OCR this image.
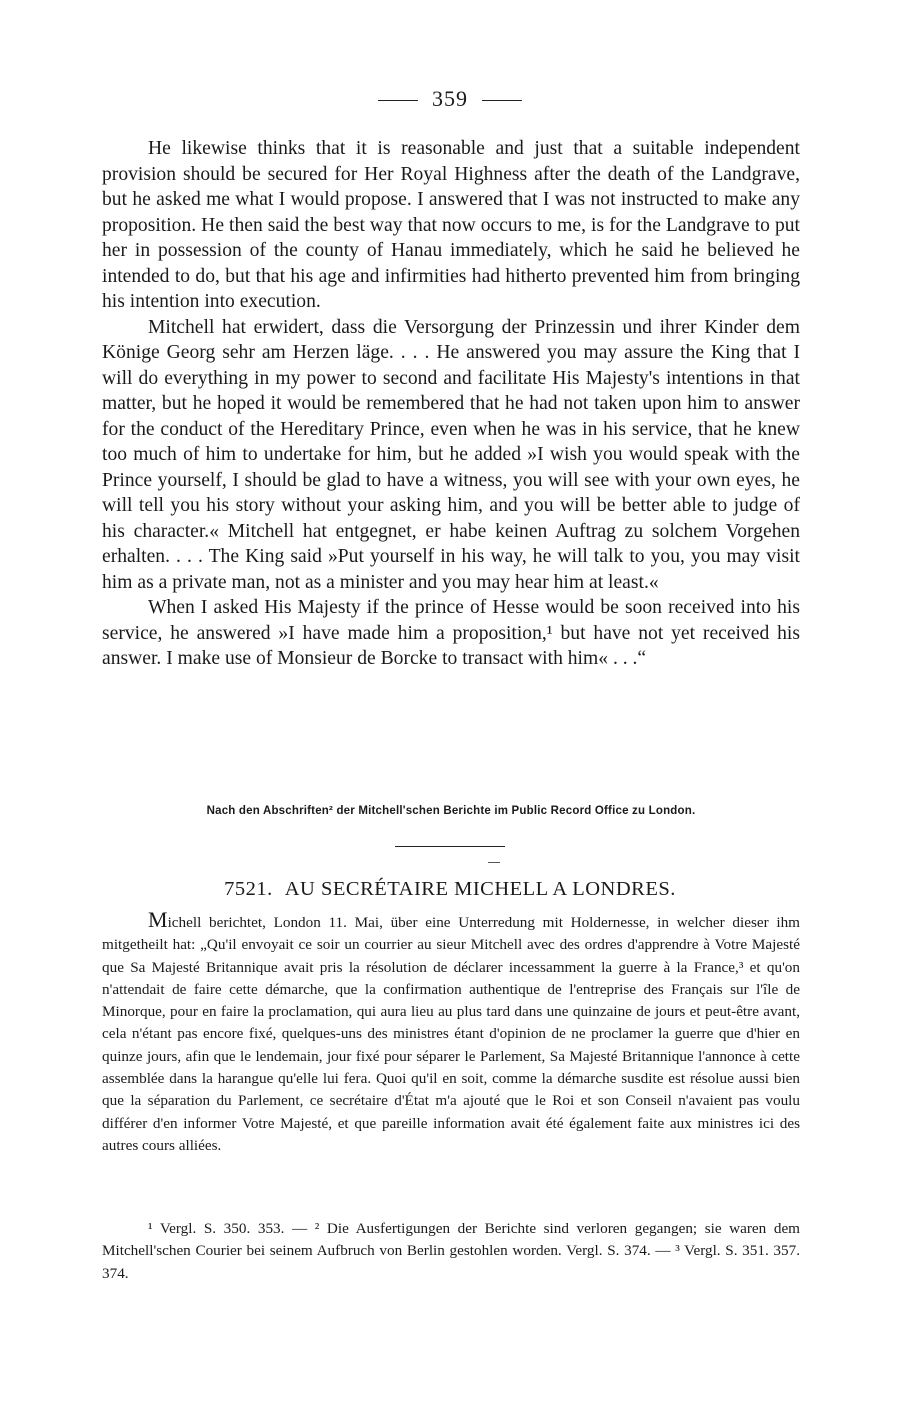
359

He likewise thinks that it is reasonable and just that a suitable independent provision should be secured for Her Royal Highness after the death of the Landgrave, but he asked me what I would propose. I answered that I was not instructed to make any proposition. He then said the best way that now occurs to me, is for the Landgrave to put her in possession of the county of Hanau immediately, which he said he believed he intended to do, but that his age and infirmities had hitherto prevented him from bringing his intention into execution.

Mitchell hat erwidert, dass die Versorgung der Prinzessin und ihrer Kinder dem Könige Georg sehr am Herzen läge. . . . He answered you may assure the King that I will do everything in my power to second and facilitate His Majesty's intentions in that matter, but he hoped it would be remembered that he had not taken upon him to answer for the conduct of the Hereditary Prince, even when he was in his service, that he knew too much of him to undertake for him, but he added »I wish you would speak with the Prince yourself, I should be glad to have a witness, you will see with your own eyes, he will tell you his story without your asking him, and you will be better able to judge of his character.« Mitchell hat entgegnet, er habe keinen Auftrag zu solchem Vorgehen erhalten. . . . The King said »Put yourself in his way, he will talk to you, you may visit him as a private man, not as a minister and you may hear him at least.«

When I asked His Majesty if the prince of Hesse would be soon received into his service, he answered »I have made him a proposition,¹ but have not yet received his answer. I make use of Monsieur de Borcke to transact with him« . . .“

Nach den Abschriften² der Mitchell'schen Berichte im Public Record Office zu London.
7521. AU SECRÉTAIRE MICHELL A LONDRES.

Michell berichtet, London 11. Mai, über eine Unterredung mit Holdernesse, in welcher dieser ihm mitgetheilt hat: „Qu'il envoyait ce soir un courrier au sieur Mitchell avec des ordres d'apprendre à Votre Majesté que Sa Majesté Britannique avait pris la résolution de déclarer incessamment la guerre à la France,³ et qu'on n'attendait de faire cette démarche, que la confirmation authentique de l'entreprise des Français sur l'île de Minorque, pour en faire la proclamation, qui aura lieu au plus tard dans une quinzaine de jours et peut-être avant, cela n'étant pas encore fixé, quelques-uns des ministres étant d'opinion de ne proclamer la guerre que d'hier en quinze jours, afin que le lendemain, jour fixé pour séparer le Parlement, Sa Majesté Britannique l'annonce à cette assemblée dans la harangue qu'elle lui fera. Quoi qu'il en soit, comme la démarche susdite est résolue aussi bien que la séparation du Parlement, ce secrétaire d'État m'a ajouté que le Roi et son Conseil n'avaient pas voulu différer d'en informer Votre Majesté, et que pareille information avait été également faite aux ministres ici des autres cours alliées.

¹ Vergl. S. 350. 353. — ² Die Ausfertigungen der Berichte sind verloren gegangen; sie waren dem Mitchell'schen Courier bei seinem Aufbruch von Berlin gestohlen worden. Vergl. S. 374. — ³ Vergl. S. 351. 357. 374.
